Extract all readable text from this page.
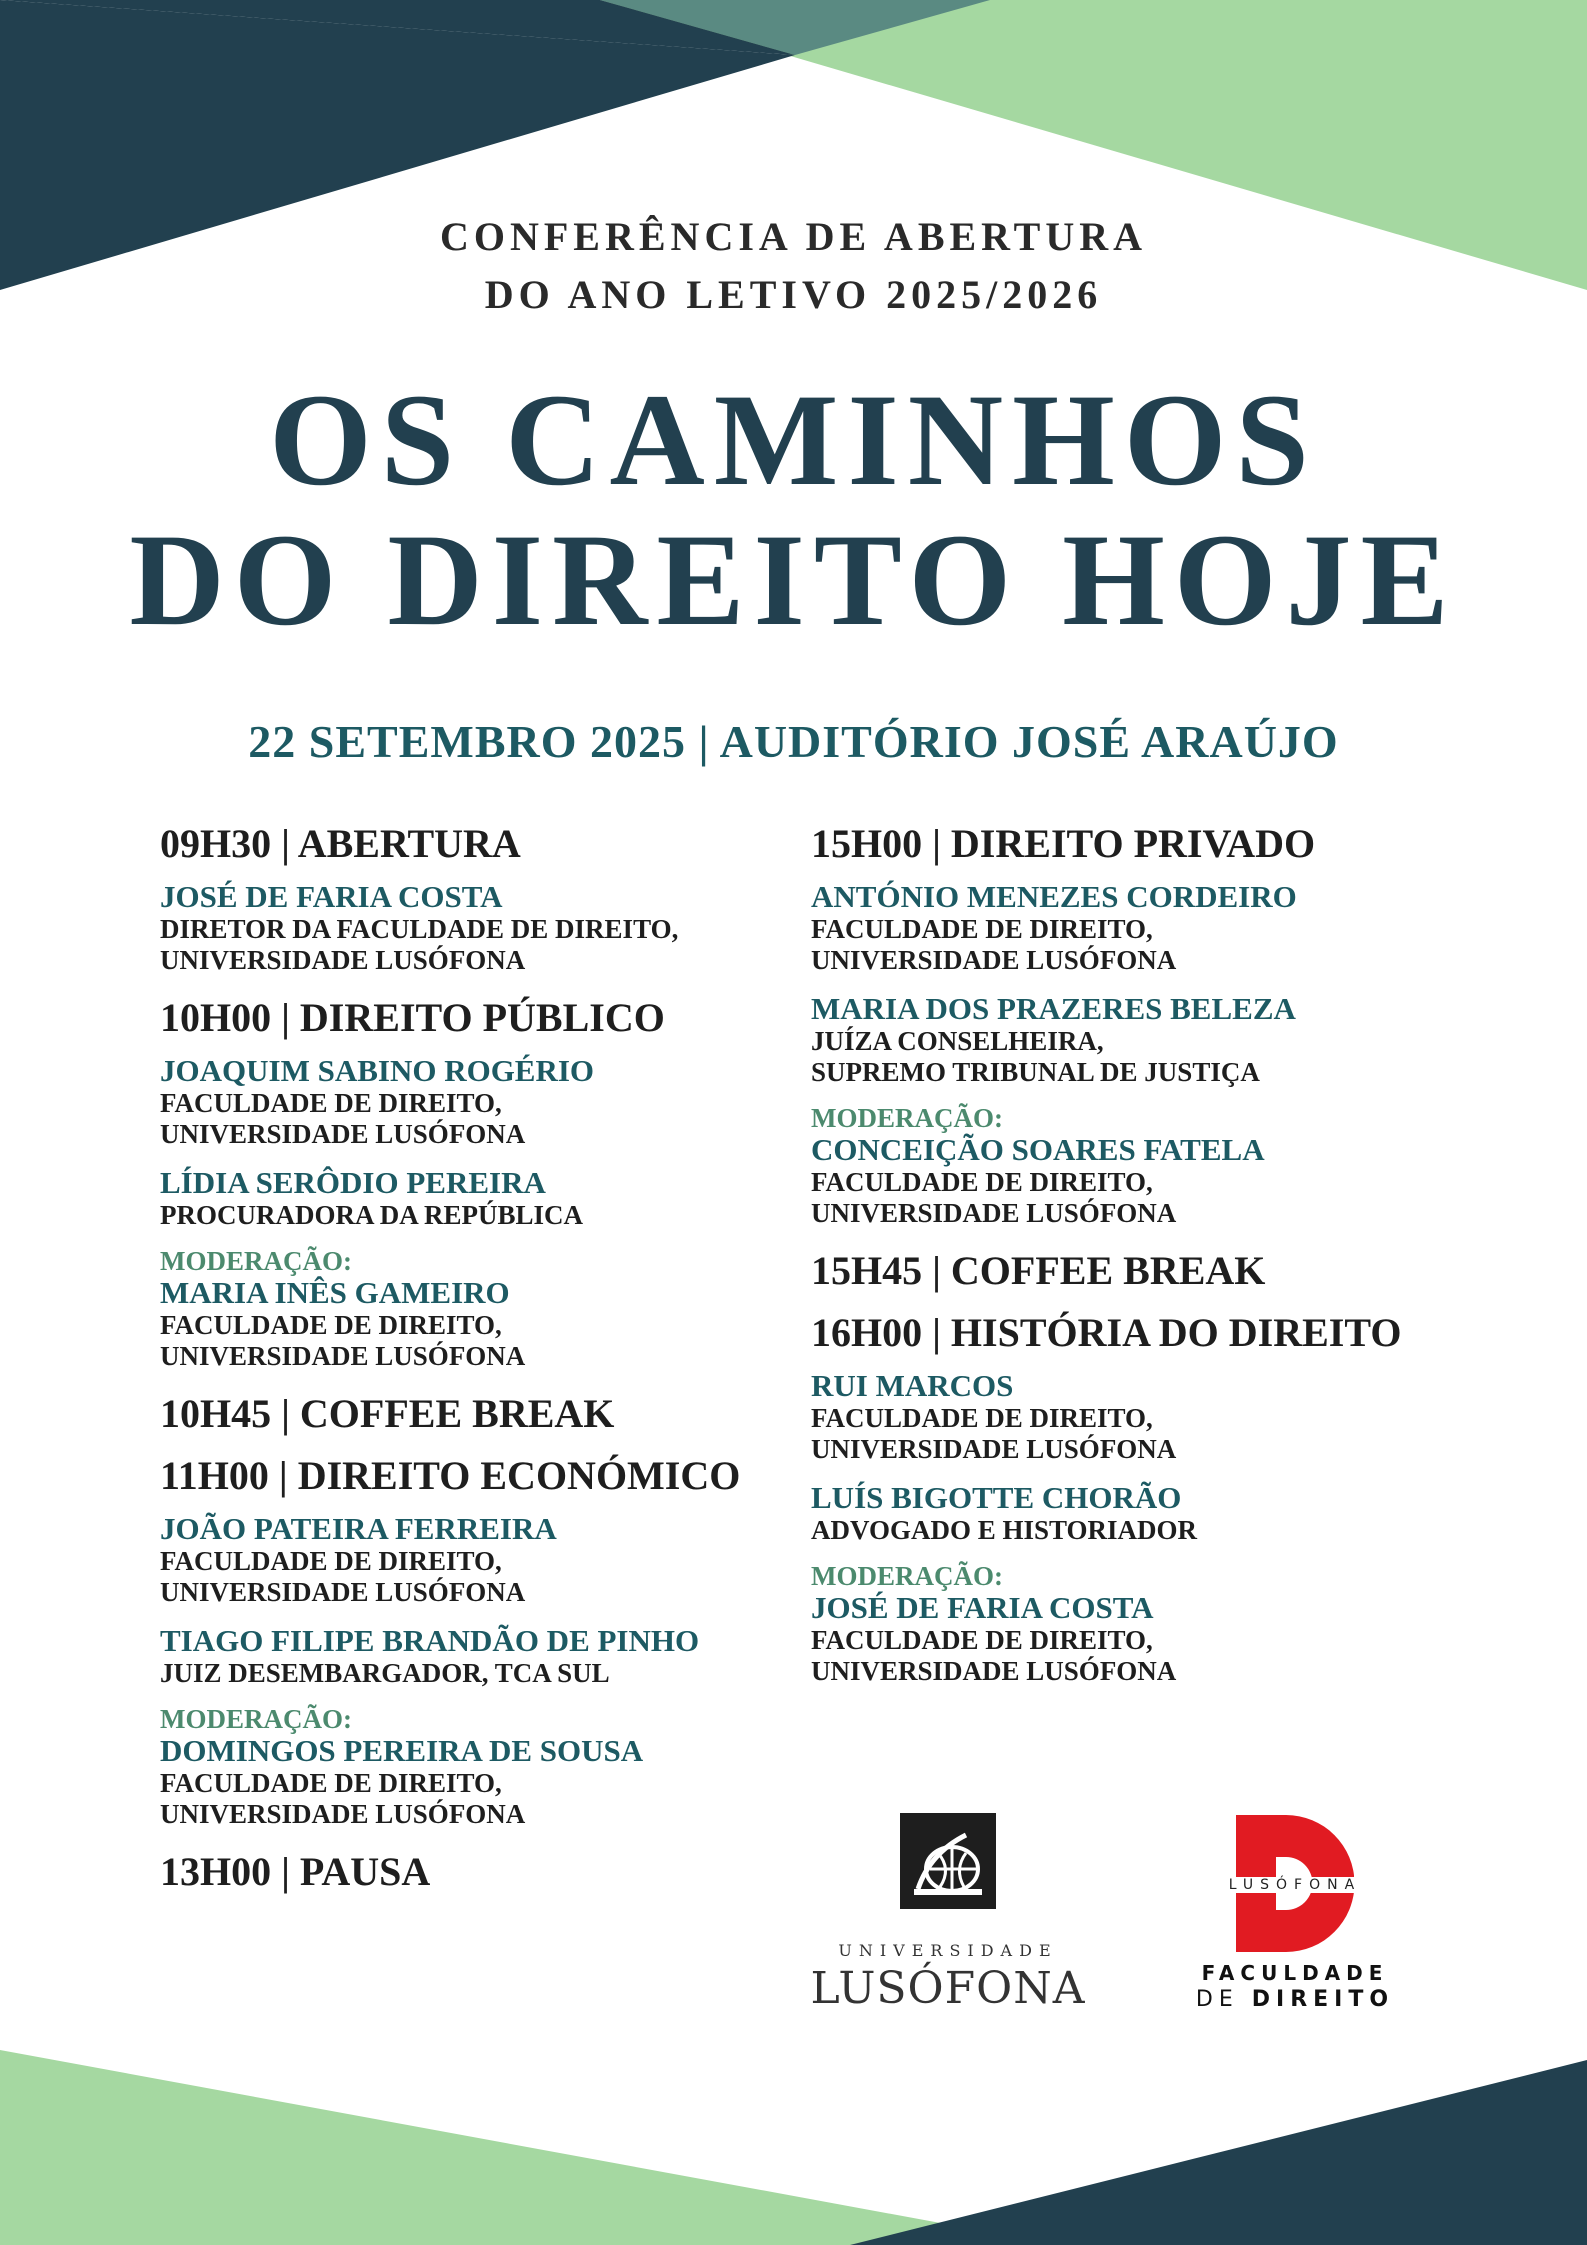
CONFERÊNCIA DE ABERTURA
DO ANO LETIVO 2025/2026
OS CAMINHOS
DO DIREITO HOJE
22 SETEMBRO 2025 | AUDITÓRIO JOSÉ ARAÚJO
09H30 | ABERTURA
JOSÉ DE FARIA COSTA
DIRETOR DA FACULDADE DE DIREITO,
UNIVERSIDADE LUSÓFONA
10H00 | DIREITO PÚBLICO
JOAQUIM SABINO ROGÉRIO
FACULDADE DE DIREITO,
UNIVERSIDADE LUSÓFONA
LÍDIA SERÔDIO PEREIRA
PROCURADORA DA REPÚBLICA
MODERAÇÃO:
MARIA INÊS GAMEIRO
FACULDADE DE DIREITO,
UNIVERSIDADE LUSÓFONA
10H45 | COFFEE BREAK
11H00 | DIREITO ECONÓMICO
JOÃO PATEIRA FERREIRA
FACULDADE DE DIREITO,
UNIVERSIDADE LUSÓFONA
TIAGO FILIPE BRANDÃO DE PINHO
JUIZ DESEMBARGADOR, TCA SUL
MODERAÇÃO:
DOMINGOS PEREIRA DE SOUSA
FACULDADE DE DIREITO,
UNIVERSIDADE LUSÓFONA
13H00 | PAUSA
15H00 | DIREITO PRIVADO
ANTÓNIO MENEZES CORDEIRO
FACULDADE DE DIREITO,
UNIVERSIDADE LUSÓFONA
MARIA DOS PRAZERES BELEZA
JUÍZA CONSELHEIRA,
SUPREMO TRIBUNAL DE JUSTIÇA
MODERAÇÃO:
CONCEIÇÃO SOARES FATELA
FACULDADE DE DIREITO,
UNIVERSIDADE LUSÓFONA
15H45 | COFFEE BREAK
16H00 | HISTÓRIA DO DIREITO
RUI MARCOS
FACULDADE DE DIREITO,
UNIVERSIDADE LUSÓFONA
LUÍS BIGOTTE CHORÃO
ADVOGADO E HISTORIADOR
MODERAÇÃO:
JOSÉ DE FARIA COSTA
FACULDADE DE DIREITO,
UNIVERSIDADE LUSÓFONA
UNIVERSIDADE
LUSÓFONA
LUSÓFONA
FACULDADE
DE DIREITO
